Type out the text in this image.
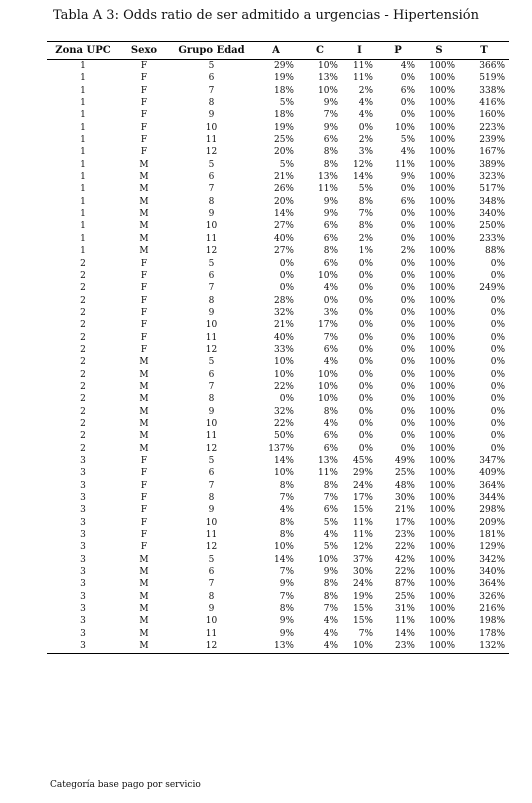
Tabla A 3: Odds ratio de ser admitido a urgencias - Hipertensión
Zona UPC	Sexo	Grupo Edad	A	C	I	P	S	T
1	F	5	29%	10%	11%	4%	100%	366%
1	F	6	19%	13%	11%	0%	100%	519%
1	F	7	18%	10%	2%	6%	100%	338%
1	F	8	5%	9%	4%	0%	100%	416%
1	F	9	18%	7%	4%	0%	100%	160%
1	F	10	19%	9%	0%	10%	100%	223%
1	F	11	25%	6%	2%	5%	100%	239%
1	F	12	20%	8%	3%	4%	100%	167%
1	M	5	5%	8%	12%	11%	100%	389%
1	M	6	21%	13%	14%	9%	100%	323%
1	M	7	26%	11%	5%	0%	100%	517%
1	M	8	20%	9%	8%	6%	100%	348%
1	M	9	14%	9%	7%	0%	100%	340%
1	M	10	27%	6%	8%	0%	100%	250%
1	M	11	40%	6%	2%	0%	100%	233%
1	M	12	27%	8%	1%	2%	100%	88%
2	F	5	0%	6%	0%	0%	100%	0%
2	F	6	0%	10%	0%	0%	100%	0%
2	F	7	0%	4%	0%	0%	100%	249%
2	F	8	28%	0%	0%	0%	100%	0%
2	F	9	32%	3%	0%	0%	100%	0%
2	F	10	21%	17%	0%	0%	100%	0%
2	F	11	40%	7%	0%	0%	100%	0%
2	F	12	33%	6%	0%	0%	100%	0%
2	M	5	10%	4%	0%	0%	100%	0%
2	M	6	10%	10%	0%	0%	100%	0%
2	M	7	22%	10%	0%	0%	100%	0%
2	M	8	0%	10%	0%	0%	100%	0%
2	M	9	32%	8%	0%	0%	100%	0%
2	M	10	22%	4%	0%	0%	100%	0%
2	M	11	50%	6%	0%	0%	100%	0%
2	M	12	137%	6%	0%	0%	100%	0%
3	F	5	14%	13%	45%	49%	100%	347%
3	F	6	10%	11%	29%	25%	100%	409%
3	F	7	8%	8%	24%	48%	100%	364%
3	F	8	7%	7%	17%	30%	100%	344%
3	F	9	4%	6%	15%	21%	100%	298%
3	F	10	8%	5%	11%	17%	100%	209%
3	F	11	8%	4%	11%	23%	100%	181%
3	F	12	10%	5%	12%	22%	100%	129%
3	M	5	14%	10%	37%	42%	100%	342%
3	M	6	7%	9%	30%	22%	100%	340%
3	M	7	9%	8%	24%	87%	100%	364%
3	M	8	7%	8%	19%	25%	100%	326%
3	M	9	8%	7%	15%	31%	100%	216%
3	M	10	9%	4%	15%	11%	100%	198%
3	M	11	9%	4%	7%	14%	100%	178%
3	M	12	13%	4%	10%	23%	100%	132%
Categoría base pago por servicio
